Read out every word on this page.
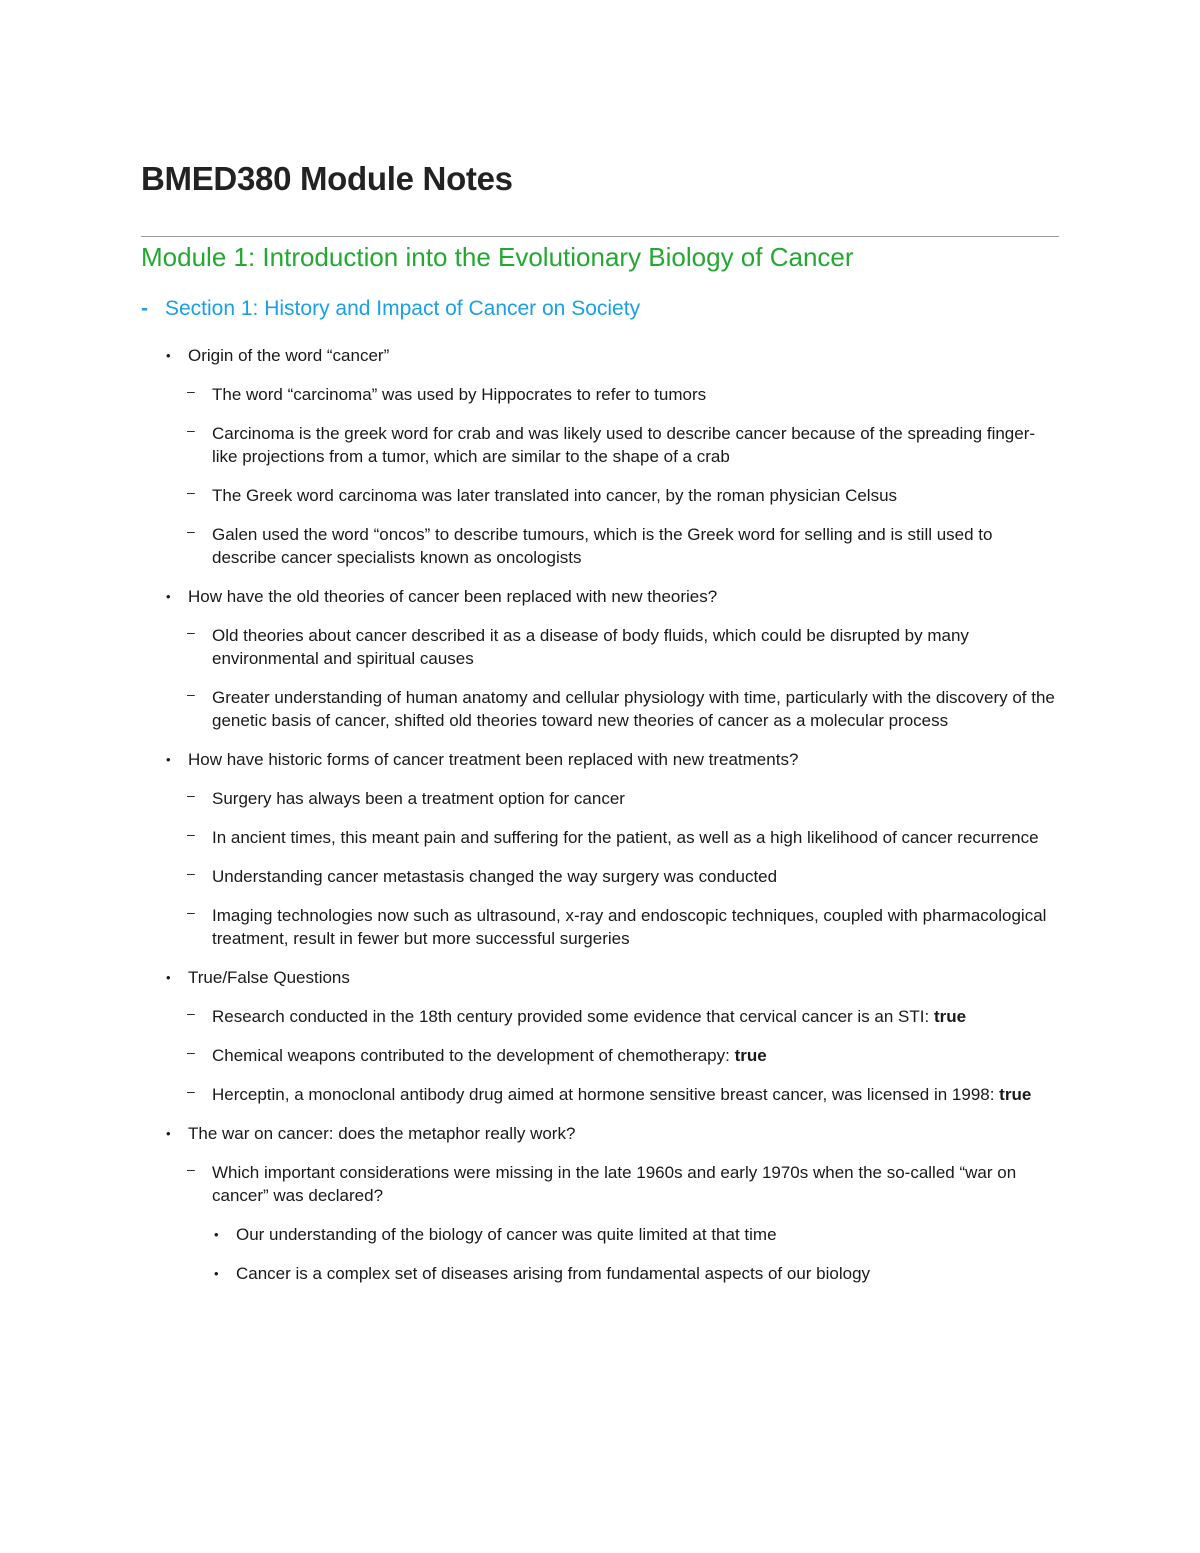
BMED380 Module Notes
Module 1: Introduction into the Evolutionary Biology of Cancer
- Section 1: History and Impact of Cancer on Society
• Origin of the word “cancer”
– The word “carcinoma” was used by Hippocrates to refer to tumors
– Carcinoma is the greek word for crab and was likely used to describe cancer because of the spreading finger-like projections from a tumor, which are similar to the shape of a crab
– The Greek word carcinoma was later translated into cancer, by the roman physician Celsus
– Galen used the word “oncos” to describe tumours, which is the Greek word for selling and is still used to describe cancer specialists known as oncologists
• How have the old theories of cancer been replaced with new theories?
– Old theories about cancer described it as a disease of body fluids, which could be disrupted by many environmental and spiritual causes
– Greater understanding of human anatomy and cellular physiology with time, particularly with the discovery of the genetic basis of cancer, shifted old theories toward new theories of cancer as a molecular process
• How have historic forms of cancer treatment been replaced with new treatments?
– Surgery has always been a treatment option for cancer
– In ancient times, this meant pain and suffering for the patient, as well as a high likelihood of cancer recurrence
– Understanding cancer metastasis changed the way surgery was conducted
– Imaging technologies now such as ultrasound, x-ray and endoscopic techniques, coupled with pharmacological treatment, result in fewer but more successful surgeries
• True/False Questions
– Research conducted in the 18th century provided some evidence that cervical cancer is an STI: true
– Chemical weapons contributed to the development of chemotherapy: true
– Herceptin, a monoclonal antibody drug aimed at hormone sensitive breast cancer, was licensed in 1998: true
• The war on cancer: does the metaphor really work?
– Which important considerations were missing in the late 1960s and early 1970s when the so-called “war on cancer” was declared?
• Our understanding of the biology of cancer was quite limited at that time
• Cancer is a complex set of diseases arising from fundamental aspects of our biology
